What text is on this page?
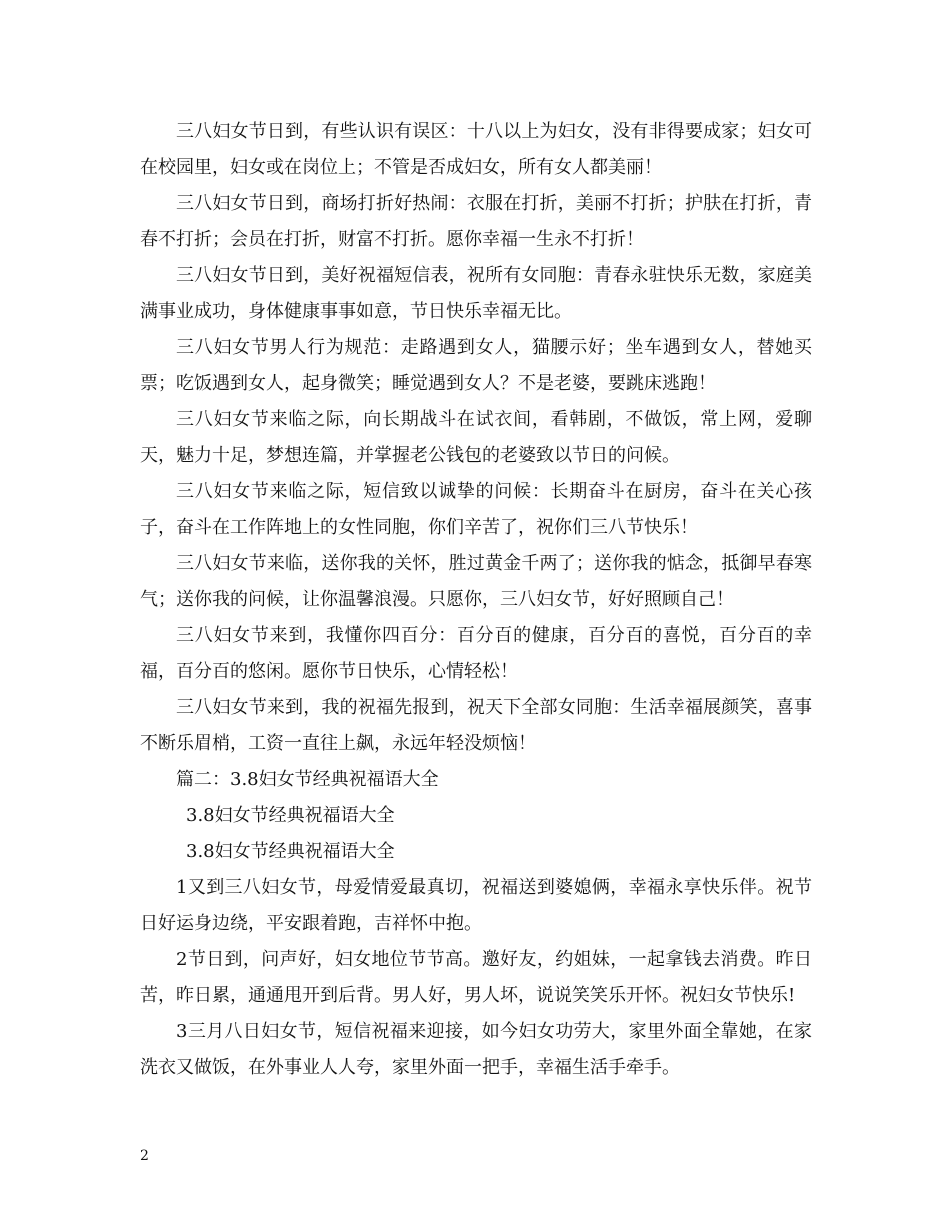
三八妇女节日到，有些认识有误区：十八以上为妇女，没有非得要成家；妇女可在校园里，妇女或在岗位上；不管是否成妇女，所有女人都美丽！

三八妇女节日到，商场打折好热闹：衣服在打折，美丽不打折；护肤在打折，青春不打折；会员在打折，财富不打折。愿你幸福一生永不打折！

三八妇女节日到，美好祝福短信表，祝所有女同胞：青春永驻快乐无数，家庭美满事业成功，身体健康事事如意，节日快乐幸福无比。

三八妇女节男人行为规范：走路遇到女人，猫腰示好；坐车遇到女人，替她买票；吃饭遇到女人，起身微笑；睡觉遇到女人？不是老婆，要跳床逃跑！

三八妇女节来临之际，向长期战斗在试衣间，看韩剧，不做饭，常上网，爱聊天，魅力十足，梦想连篇，并掌握老公钱包的老婆致以节日的问候。

三八妇女节来临之际，短信致以诚挚的问候：长期奋斗在厨房，奋斗在关心孩子，奋斗在工作阵地上的女性同胞，你们辛苦了，祝你们三八节快乐！

三八妇女节来临，送你我的关怀，胜过黄金千两了；送你我的惦念，抵御早春寒气；送你我的问候，让你温馨浪漫。只愿你，三八妇女节，好好照顾自己！

三八妇女节来到，我懂你四百分：百分百的健康，百分百的喜悦，百分百的幸福，百分百的悠闲。愿你节日快乐，心情轻松！

三八妇女节来到，我的祝福先报到，祝天下全部女同胞：生活幸福展颜笑，喜事不断乐眉梢，工资一直往上飙，永远年轻没烦恼！

篇二：3.8妇女节经典祝福语大全

3.8妇女节经典祝福语大全

3.8妇女节经典祝福语大全

1又到三八妇女节，母爱情爱最真切，祝福送到婆媳俩，幸福永享快乐伴。祝节日好运身边绕，平安跟着跑，吉祥怀中抱。

2节日到，问声好，妇女地位节节高。邀好友，约姐妹，一起拿钱去消费。昨日苦，昨日累，通通甩开到后背。男人好，男人坏，说说笑笑乐开怀。祝妇女节快乐!

3三月八日妇女节，短信祝福来迎接，如今妇女功劳大，家里外面全靠她，在家洗衣又做饭，在外事业人人夸，家里外面一把手，幸福生活手牵手。

2
